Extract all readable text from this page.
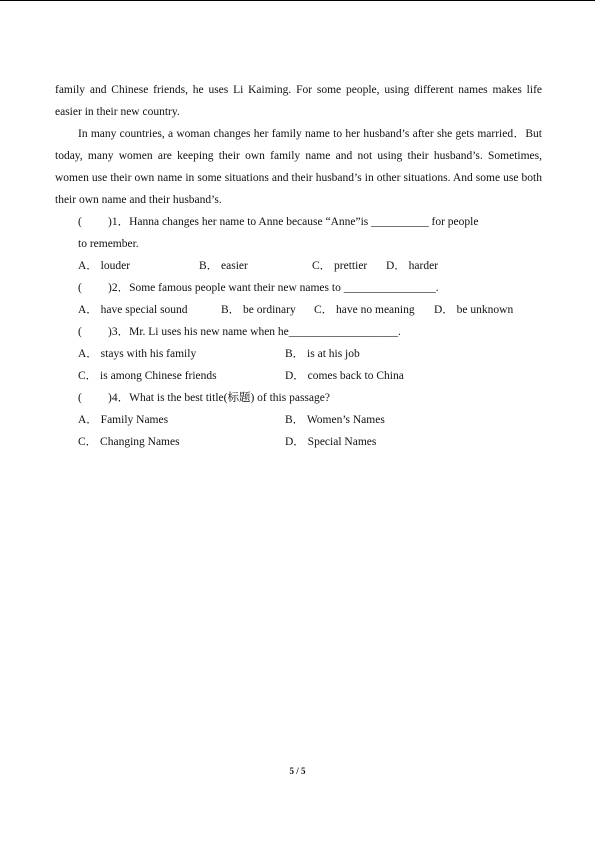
family and Chinese friends, he uses Li Kaiming. For some people, using different names makes life easier in their new country.

In many countries, a woman changes her family name to her husband’s after she gets married．But today, many women are keeping their own family name and not using their husband’s. Sometimes, women use their own name in some situations and their husband’s in other situations. And some use both their own name and their husband’s.

( )1．Hanna changes her name to Anne because “Anne”is __________ for people
to remember.
A． louder	B． easier	C． prettier	D． harder
( )2．Some famous people want their new names to ________________.
A． have special sound	B． be ordinary	C． have no meaning	D． be unknown
( )3．Mr. Li uses his new name when he___________________.
A． stays with his family	B． is at his job
C． is among Chinese friends	D． comes back to China
( )4．What is the best title(标题) of this passage?
A． Family Names	B． Women’s Names
C． Changing Names	D． Special Names
5 / 5
